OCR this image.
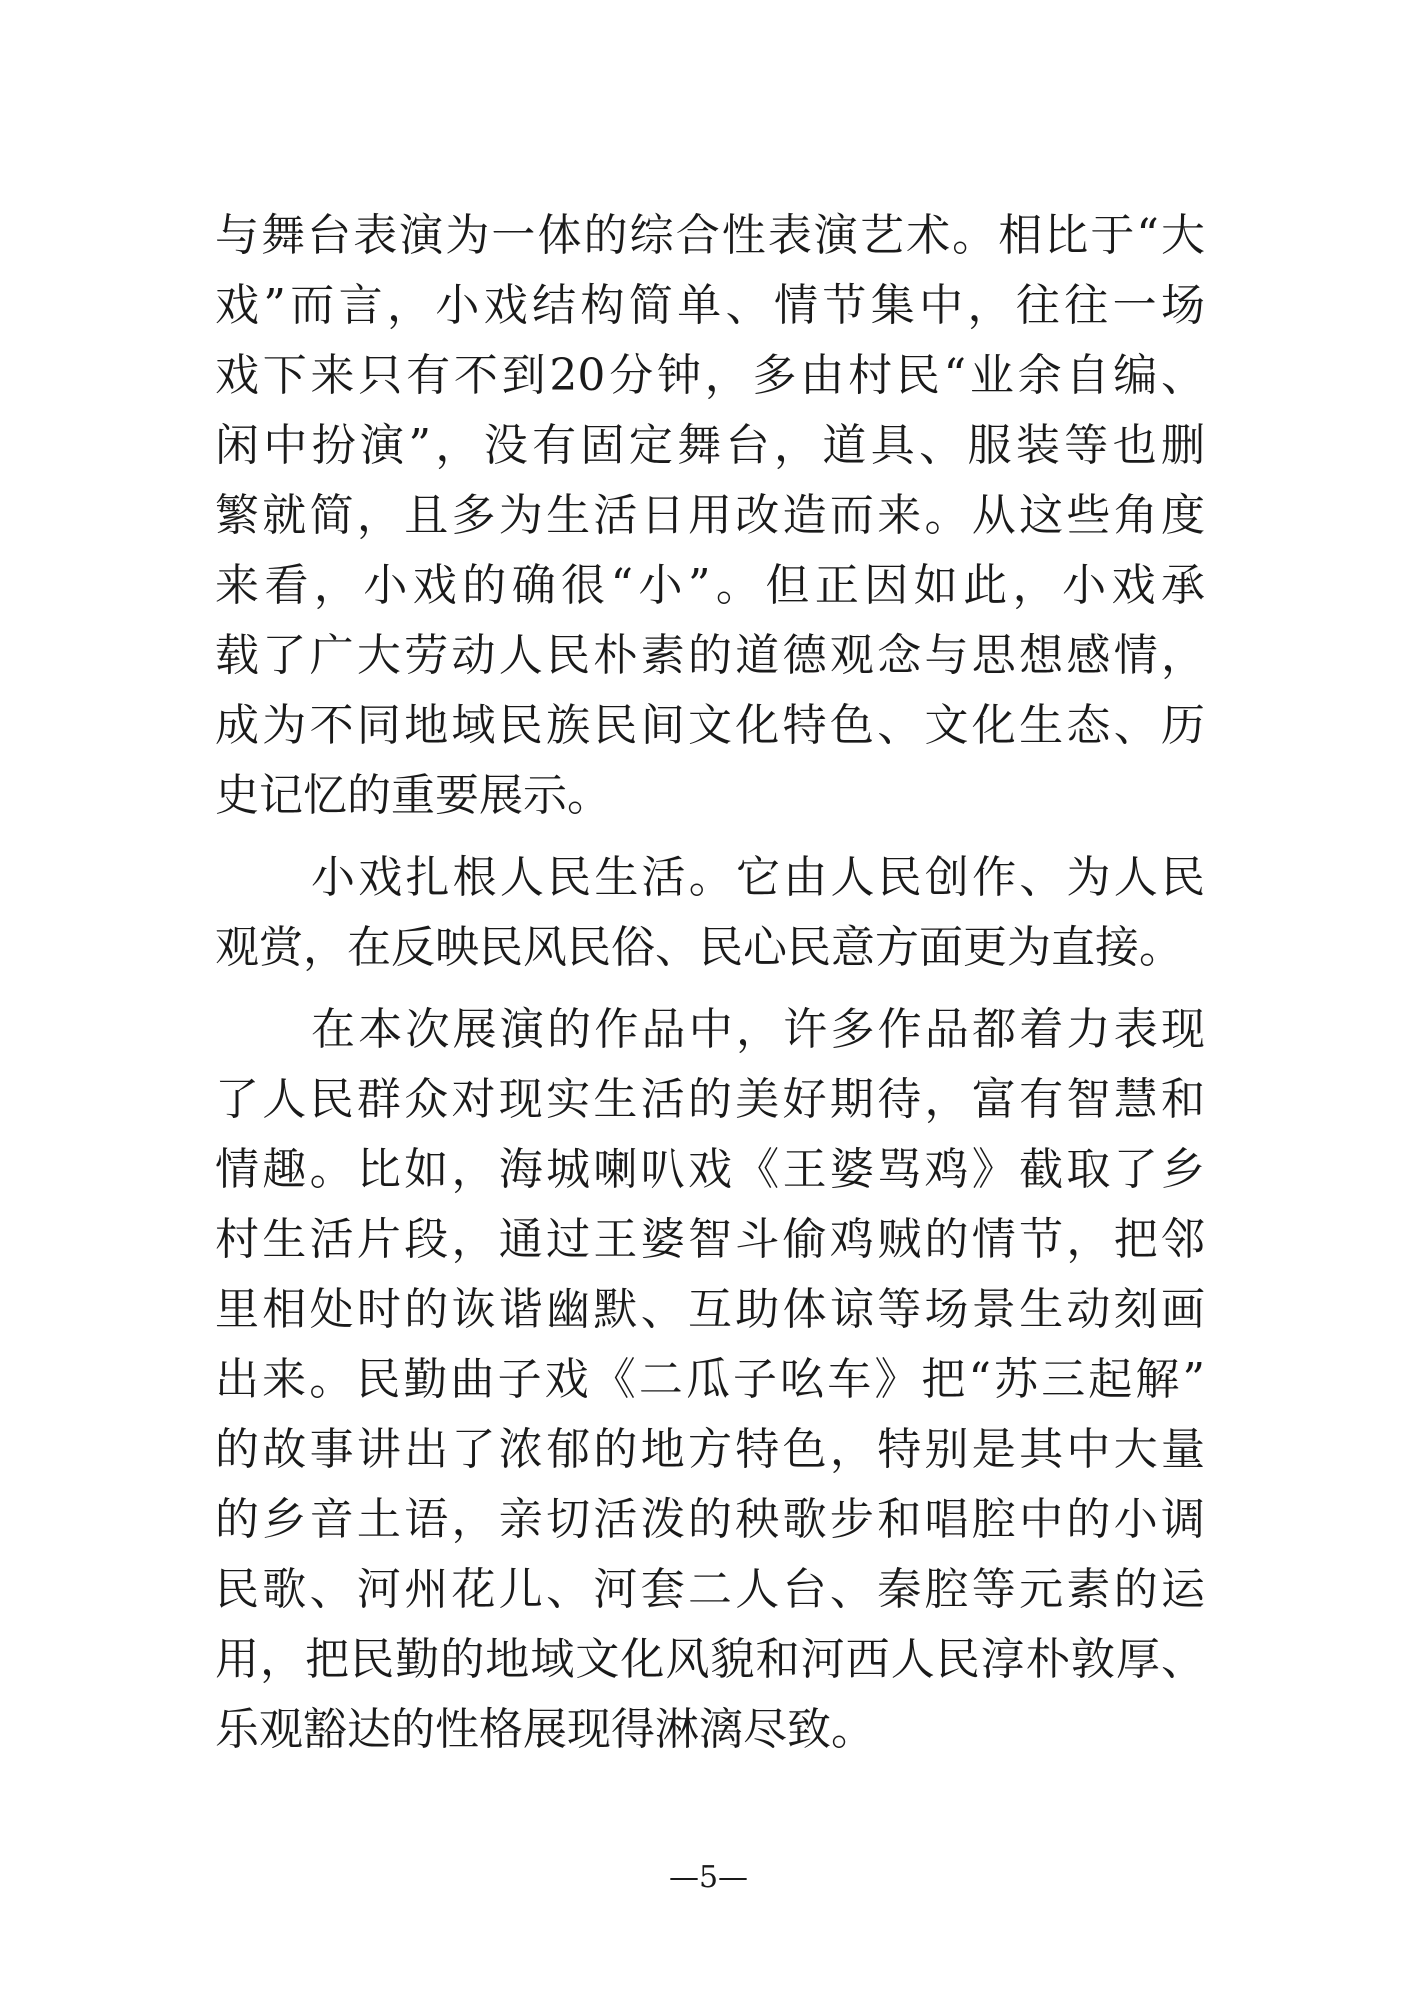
与舞台表演为一体的综合性表演艺术。相比于“大
戏”而言，小戏结构简单、情节集中，往往一场
戏下来只有不到20分钟，多由村民“业余自编、
闲中扮演”，没有固定舞台，道具、服装等也删
繁就简，且多为生活日用改造而来。从这些角度
来看，小戏的确很“小”。但正因如此，小戏承
载了广大劳动人民朴素的道德观念与思想感情，
成为不同地域民族民间文化特色、文化生态、历
史记忆的重要展示。
小戏扎根人民生活。它由人民创作、为人民
观赏，在反映民风民俗、民心民意方面更为直接。
在本次展演的作品中，许多作品都着力表现
了人民群众对现实生活的美好期待，富有智慧和
情趣。比如，海城喇叭戏《王婆骂鸡》截取了乡
村生活片段，通过王婆智斗偷鸡贼的情节，把邻
里相处时的诙谐幽默、互助体谅等场景生动刻画
出来。民勤曲子戏《二瓜子吆车》把“苏三起解”
的故事讲出了浓郁的地方特色，特别是其中大量
的乡音土语，亲切活泼的秧歌步和唱腔中的小调
民歌、河州花儿、河套二人台、秦腔等元素的运
用，把民勤的地域文化风貌和河西人民淳朴敦厚、
乐观豁达的性格展现得淋漓尽致。
—5—
